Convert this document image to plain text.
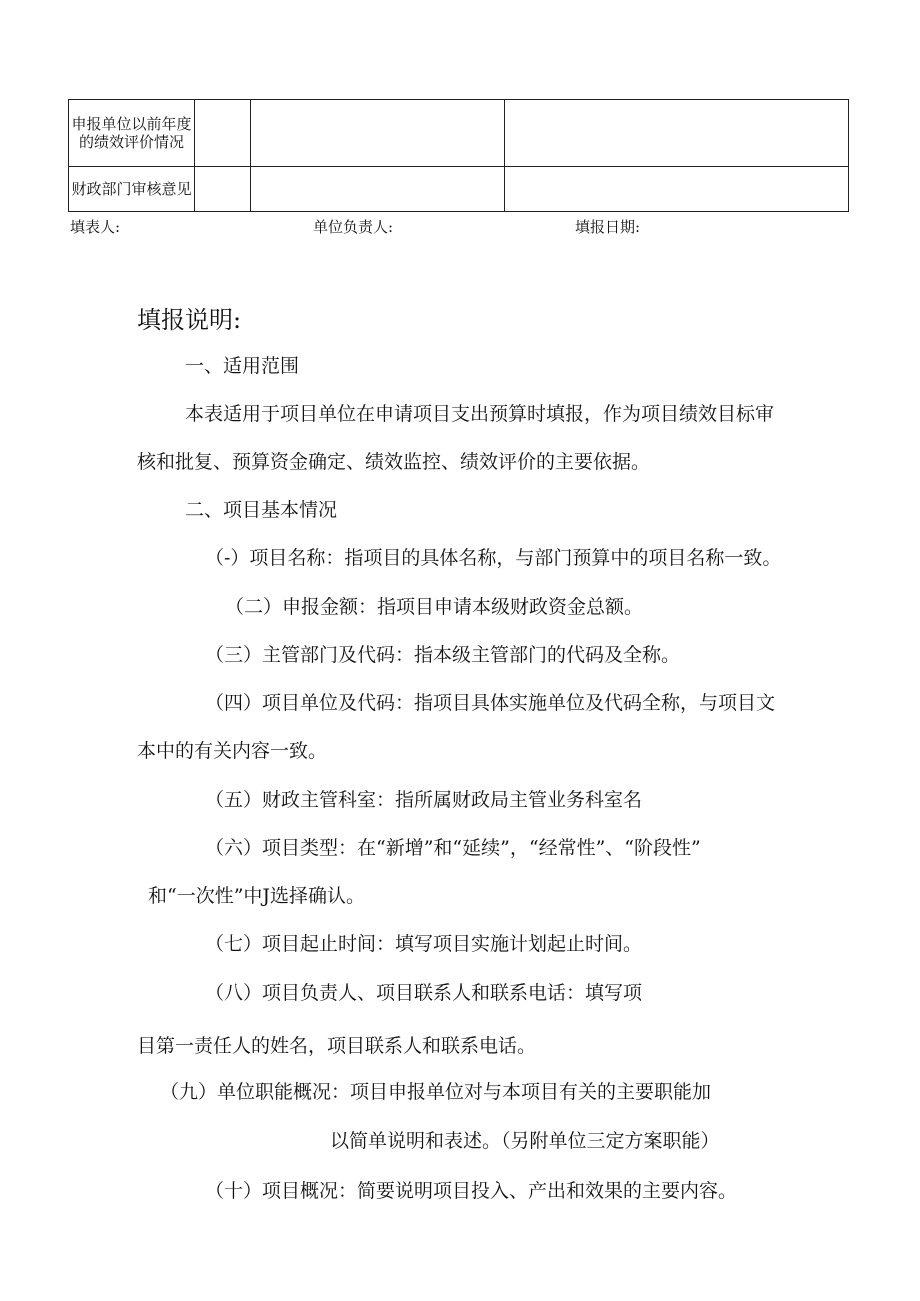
申报单位以前年度的绩效评价情况			
财政部门审核意见			
填表人:	单位负责人:	填报日期:
填报说明:
一、适用范围
本表适用于项目单位在申请项目支出预算时填报，作为项目绩效目标审
核和批复、预算资金确定、绩效监控、绩效评价的主要依据。
二、项目基本情况
（-）项目名称：指项目的具体名称，与部门预算中的项目名称一致。
（二）申报金额：指项目申请本级财政资金总额。
（三）主管部门及代码：指本级主管部门的代码及全称。
（四）项目单位及代码：指项目具体实施单位及代码全称，与项目文
本中的有关内容一致。
（五）财政主管科室：指所属财政局主管业务科室名
（六）项目类型：在“新增”和“延续”，“经常性”、“阶段性”
和“一次性”中J选择确认。
（七）项目起止时间：填写项目实施计划起止时间。
（八）项目负责人、项目联系人和联系电话：填写项
目第一责任人的姓名，项目联系人和联系电话。
（九）单位职能概况：项目申报单位对与本项目有关的主要职能加
以简单说明和表述。（另附单位三定方案职能）
（十）项目概况：简要说明项目投入、产出和效果的主要内容。
